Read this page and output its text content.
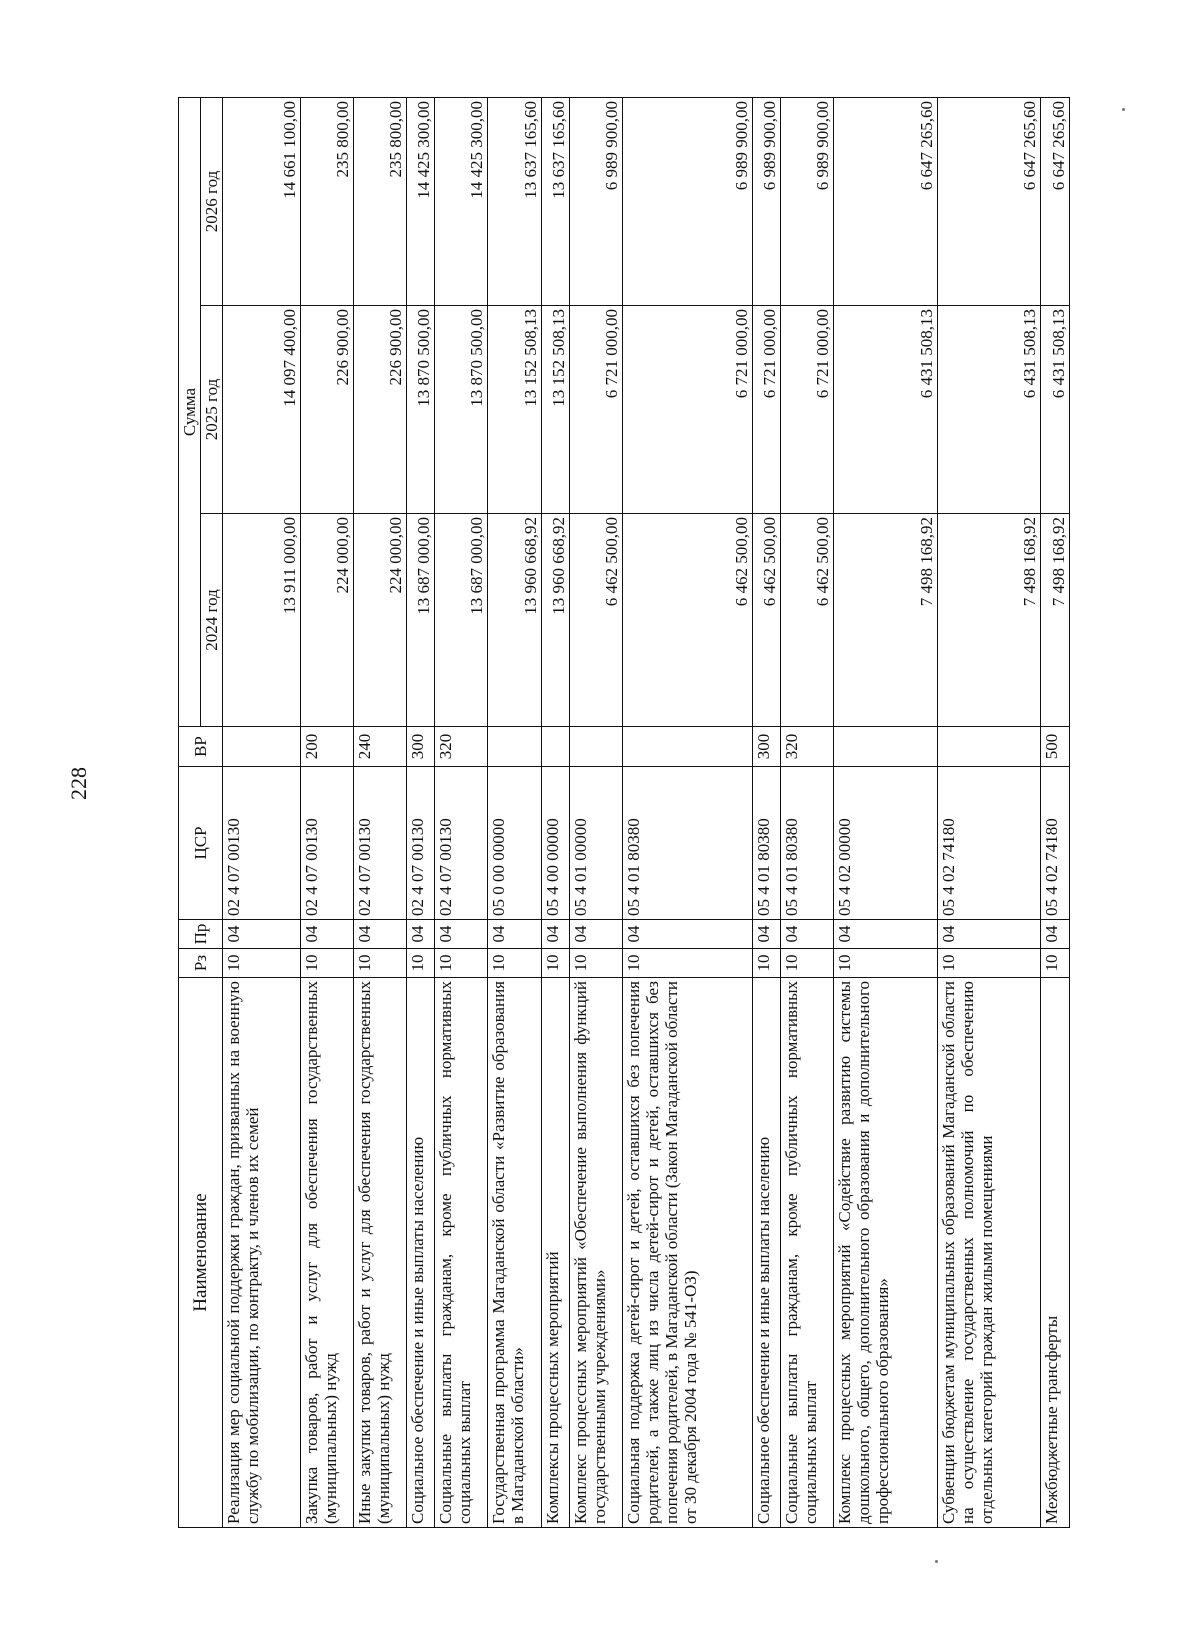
228
Наименование	Рз	Пр	ЦСР	ВР	Сумма		
					2024 год	2025 год	2026 год
Реализация мер социальной поддержки граждан, призванных на военную службу по мобилизации, по контракту, и членов их семей	10	04	02 4 07 00130		13 911 000,00	14 097 400,00	14 661 100,00
Закупка товаров, работ и услуг для обеспечения государственных (муниципальных) нужд	10	04	02 4 07 00130	200	224 000,00	226 900,00	235 800,00
Иные закупки товаров, работ и услуг для обеспечения государственных (муниципальных) нужд	10	04	02 4 07 00130	240	224 000,00	226 900,00	235 800,00
Социальное обеспечение и иные выплаты населению	10	04	02 4 07 00130	300	13 687 000,00	13 870 500,00	14 425 300,00
Социальные выплаты гражданам, кроме публичных нормативных социальных выплат	10	04	02 4 07 00130	320	13 687 000,00	13 870 500,00	14 425 300,00
Государственная программа Магаданской области «Развитие образования в Магаданской области»	10	04	05 0 00 00000		13 960 668,92	13 152 508,13	13 637 165,60
Комплексы процессных мероприятий	10	04	05 4 00 00000		13 960 668,92	13 152 508,13	13 637 165,60
Комплекс процессных мероприятий «Обеспечение выполнения функций государственными учреждениями»	10	04	05 4 01 00000		6 462 500,00	6 721 000,00	6 989 900,00
Социальная поддержка детей-сирот и детей, оставшихся без попечения родителей, а также лиц из числа детей-сирот и детей, оставшихся без попечения родителей, в Магаданской области (Закон Магаданской области от 30 декабря 2004 года № 541-ОЗ)	10	04	05 4 01 80380		6 462 500,00	6 721 000,00	6 989 900,00
Социальное обеспечение и иные выплаты населению	10	04	05 4 01 80380	300	6 462 500,00	6 721 000,00	6 989 900,00
Социальные выплаты гражданам, кроме публичных нормативных социальных выплат	10	04	05 4 01 80380	320	6 462 500,00	6 721 000,00	6 989 900,00
Комплекс процессных мероприятий «Содействие развитию системы дошкольного, общего, дополнительного образования и дополнительного профессионального образования»	10	04	05 4 02 00000		7 498 168,92	6 431 508,13	6 647 265,60
Субвенции бюджетам муниципальных образований Магаданской области на осуществление государственных полномочий по обеспечению отдельных категорий граждан жилыми помещениями	10	04	05 4 02 74180		7 498 168,92	6 431 508,13	6 647 265,60
Межбюджетные трансферты	10	04	05 4 02 74180	500	7 498 168,92	6 431 508,13	6 647 265,60
